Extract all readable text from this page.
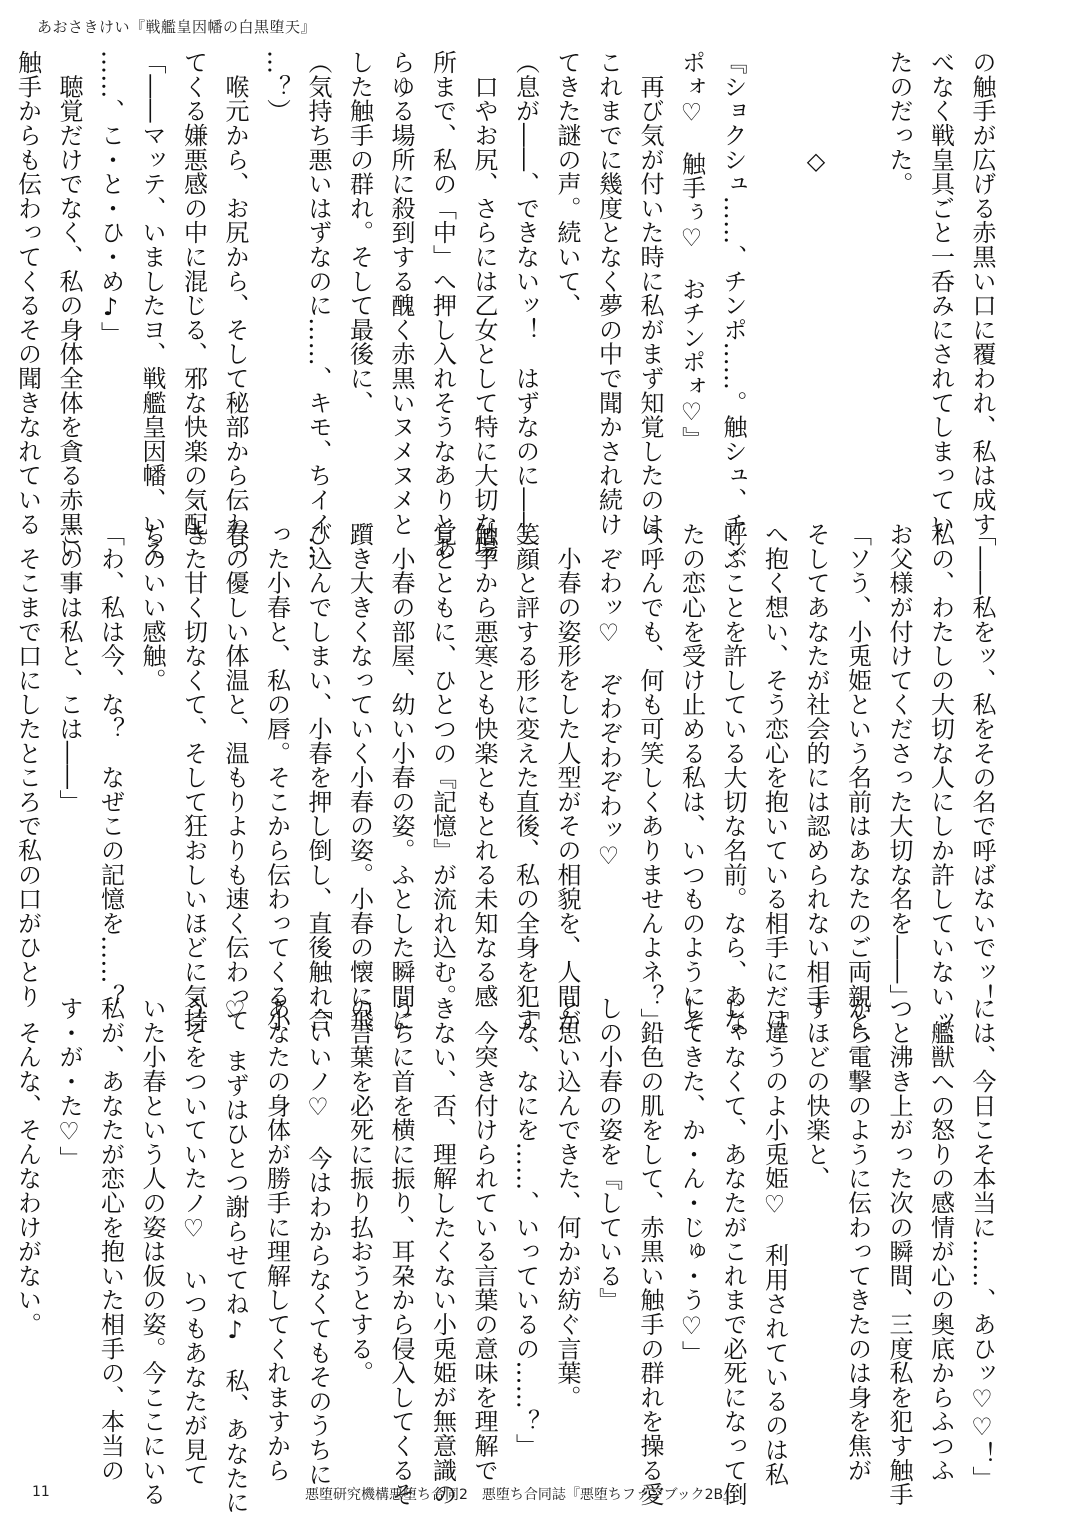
あおさきけい『戦艦皇因幡の白黒堕天』

の触手が広げる赤黒い口に覆われ、私は成す

べなく戦皇具ごと一呑みにされてしまってい

たのだった。

　　　　◇

『ショクシュ……、チンポ……。触シュ、チン

ポォ♡　触手ぅ♡　おチンポォ♡』

　再び気が付いた時に私がまず知覚したのは、

これまでに幾度となく夢の中で聞かされ続け

てきた謎の声。続いて、

（息が――、できないッ！　はずなのに――）

　口やお尻、さらには乙女として特に大切な場

所まで、私の「中」へ押し入れそうなありとあ

らゆる場所に殺到する醜く赤黒いヌメヌメと

した触手の群れ。そして最後に、

（気持ち悪いはずなのに……、キモ、ちイイ…

…？）

　喉元から、お尻から、そして秘部から伝わっ

てくる嫌悪感の中に混じる、邪な快楽の気配。

「――マッテ、いましたヨ、戦艦皇因幡、いえ

……、こ・と・ひ・め♪」

　聴覚だけでなく、私の身体全体を貪る赤黒い

触手からも伝わってくるその聞きなれている

「――私をッ、私をその名で呼ばないでッ！

私の、わたしの大切な人にしか許していないッ、

お父様が付けてくださった大切な名を――」

「ソう、小兎姫という名前はあなたのご両親と、

そしてあなたが社会的には認められない相手

へ抱く想い、そう恋心を抱いている相手にだけ

呼ぶことを許している大切な名前。なら、あな

たの恋心を受け止める私は、いつものようにそ

う呼んでも、何も可笑しくありませんよネ？」

　ぞわッ♡　ぞわぞわぞわッ♡

　小春の姿形をした人型がその相貌を、人間が

笑顔と評する形に変えた直後、私の全身を犯す

触手から悪寒とも快楽ともとれる未知なる感

覚とともに、ひとつの『記憶』が流れ込む。

　小春の部屋、幼い小春の姿。ふとした瞬間に

躓き大きくなっていく小春の姿。小春の懐に飛

び込んでしまい、小春を押し倒し、直後触れ合

った小春と、私の唇。そこから伝わってくる小

春の優しい体温と、温もりよりも速く伝わって

きた甘く切なくて、そして狂おしいほどに気持

ちのいい感触。

「わ、私は今、な？　なぜこの記憶を……？

この事は私と、こは――」

　そこまで口にしたところで私の口がひとり

には、今日こそ本当に……、あひッ♡♡！」

　艦獣への怒りの感情が心の奥底からふつふ

つと沸き上がった次の瞬間、三度私を犯す触手

から電撃のように伝わってきたのは身を焦が

すほどの快楽と、

「違うのよ小兎姫♡　利用されているのは私

じゃなくて、あなたがこれまで必死になって倒

してきた、か・ん・じゅ・う♡」

　鉛色の肌をして、赤黒い触手の群れを操る愛

しの小春の姿を『している』

と思い込んできた、何かが紡ぐ言葉。

「な、なにを……、いっているの……？」

　今突き付けられている言葉の意味を理解で

きない、否、理解したくない小兎姫が無意識の

うちに首を横に振り、耳朶から侵入してくるそ

の言葉を必死に振り払おうとする。

「いいノ♡　今はわからなくてもそのうちに

あなたの身体が勝手に理解してくれますから

♡　まずはひとつ謝らせてね♪　私、あなたに

うそをついていたノ♡　いつもあなたが見て

いた小春という人の姿は仮の姿。今ここにいる

私が、あなたが恋心を抱いた相手の、本当の

す・が・た♡」

　そんな、そんなわけがない。

11	悪堕研究機構悪堕ち合同2　悪堕ち合同誌『悪堕ちファンブック2B』
